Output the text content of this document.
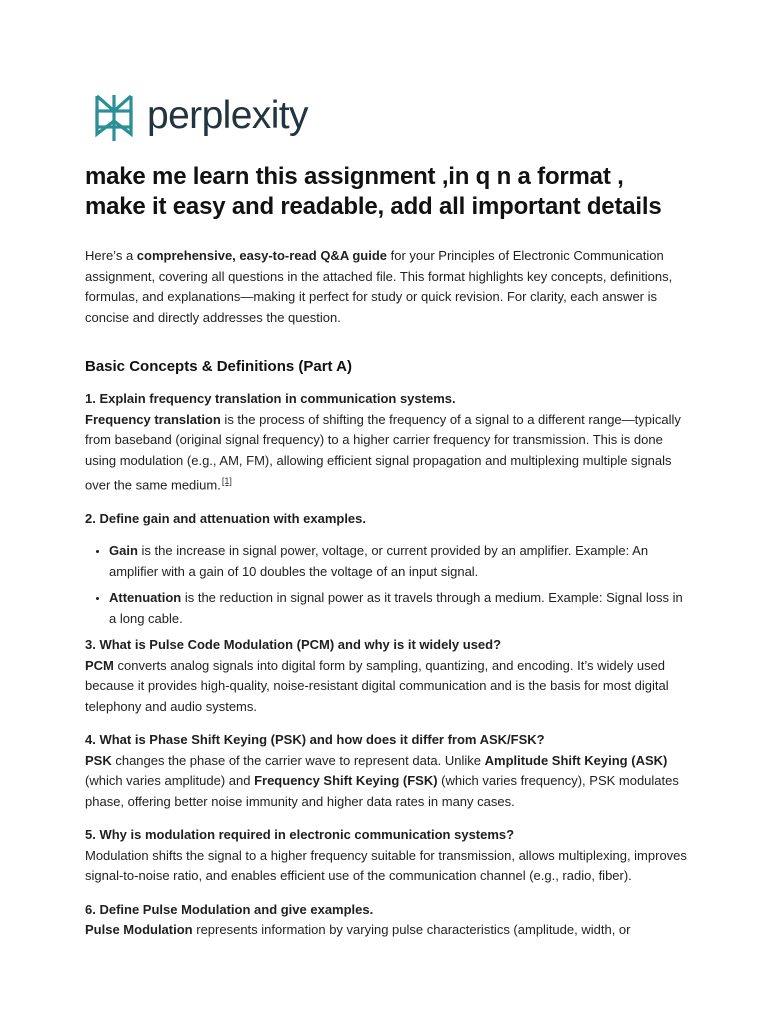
perplexity
make me learn this assignment ,in q n a format , make it easy and readable, add all important details

Here’s a comprehensive, easy-to-read Q&A guide for your Principles of Electronic Communication assignment, covering all questions in the attached file. This format highlights key concepts, definitions, formulas, and explanations—making it perfect for study or quick revision. For clarity, each answer is concise and directly addresses the question.

Basic Concepts & Definitions (Part A)

1. Explain frequency translation in communication systems.

Frequency translation is the process of shifting the frequency of a signal to a different range—typically from baseband (original signal frequency) to a higher carrier frequency for transmission. This is done using modulation (e.g., AM, FM), allowing efficient signal propagation and multiplexing multiple signals over the same medium.[1]

2. Define gain and attenuation with examples.

• Gain is the increase in signal power, voltage, or current provided by an amplifier. Example: An amplifier with a gain of 10 doubles the voltage of an input signal.
• Attenuation is the reduction in signal power as it travels through a medium. Example: Signal loss in a long cable.

3. What is Pulse Code Modulation (PCM) and why is it widely used?

PCM converts analog signals into digital form by sampling, quantizing, and encoding. It’s widely used because it provides high-quality, noise-resistant digital communication and is the basis for most digital telephony and audio systems.

4. What is Phase Shift Keying (PSK) and how does it differ from ASK/FSK?

PSK changes the phase of the carrier wave to represent data. Unlike Amplitude Shift Keying (ASK) (which varies amplitude) and Frequency Shift Keying (FSK) (which varies frequency), PSK modulates phase, offering better noise immunity and higher data rates in many cases.

5. Why is modulation required in electronic communication systems?

Modulation shifts the signal to a higher frequency suitable for transmission, allows multiplexing, improves signal-to-noise ratio, and enables efficient use of the communication channel (e.g., radio, fiber).

6. Define Pulse Modulation and give examples.

Pulse Modulation represents information by varying pulse characteristics (amplitude, width, or
